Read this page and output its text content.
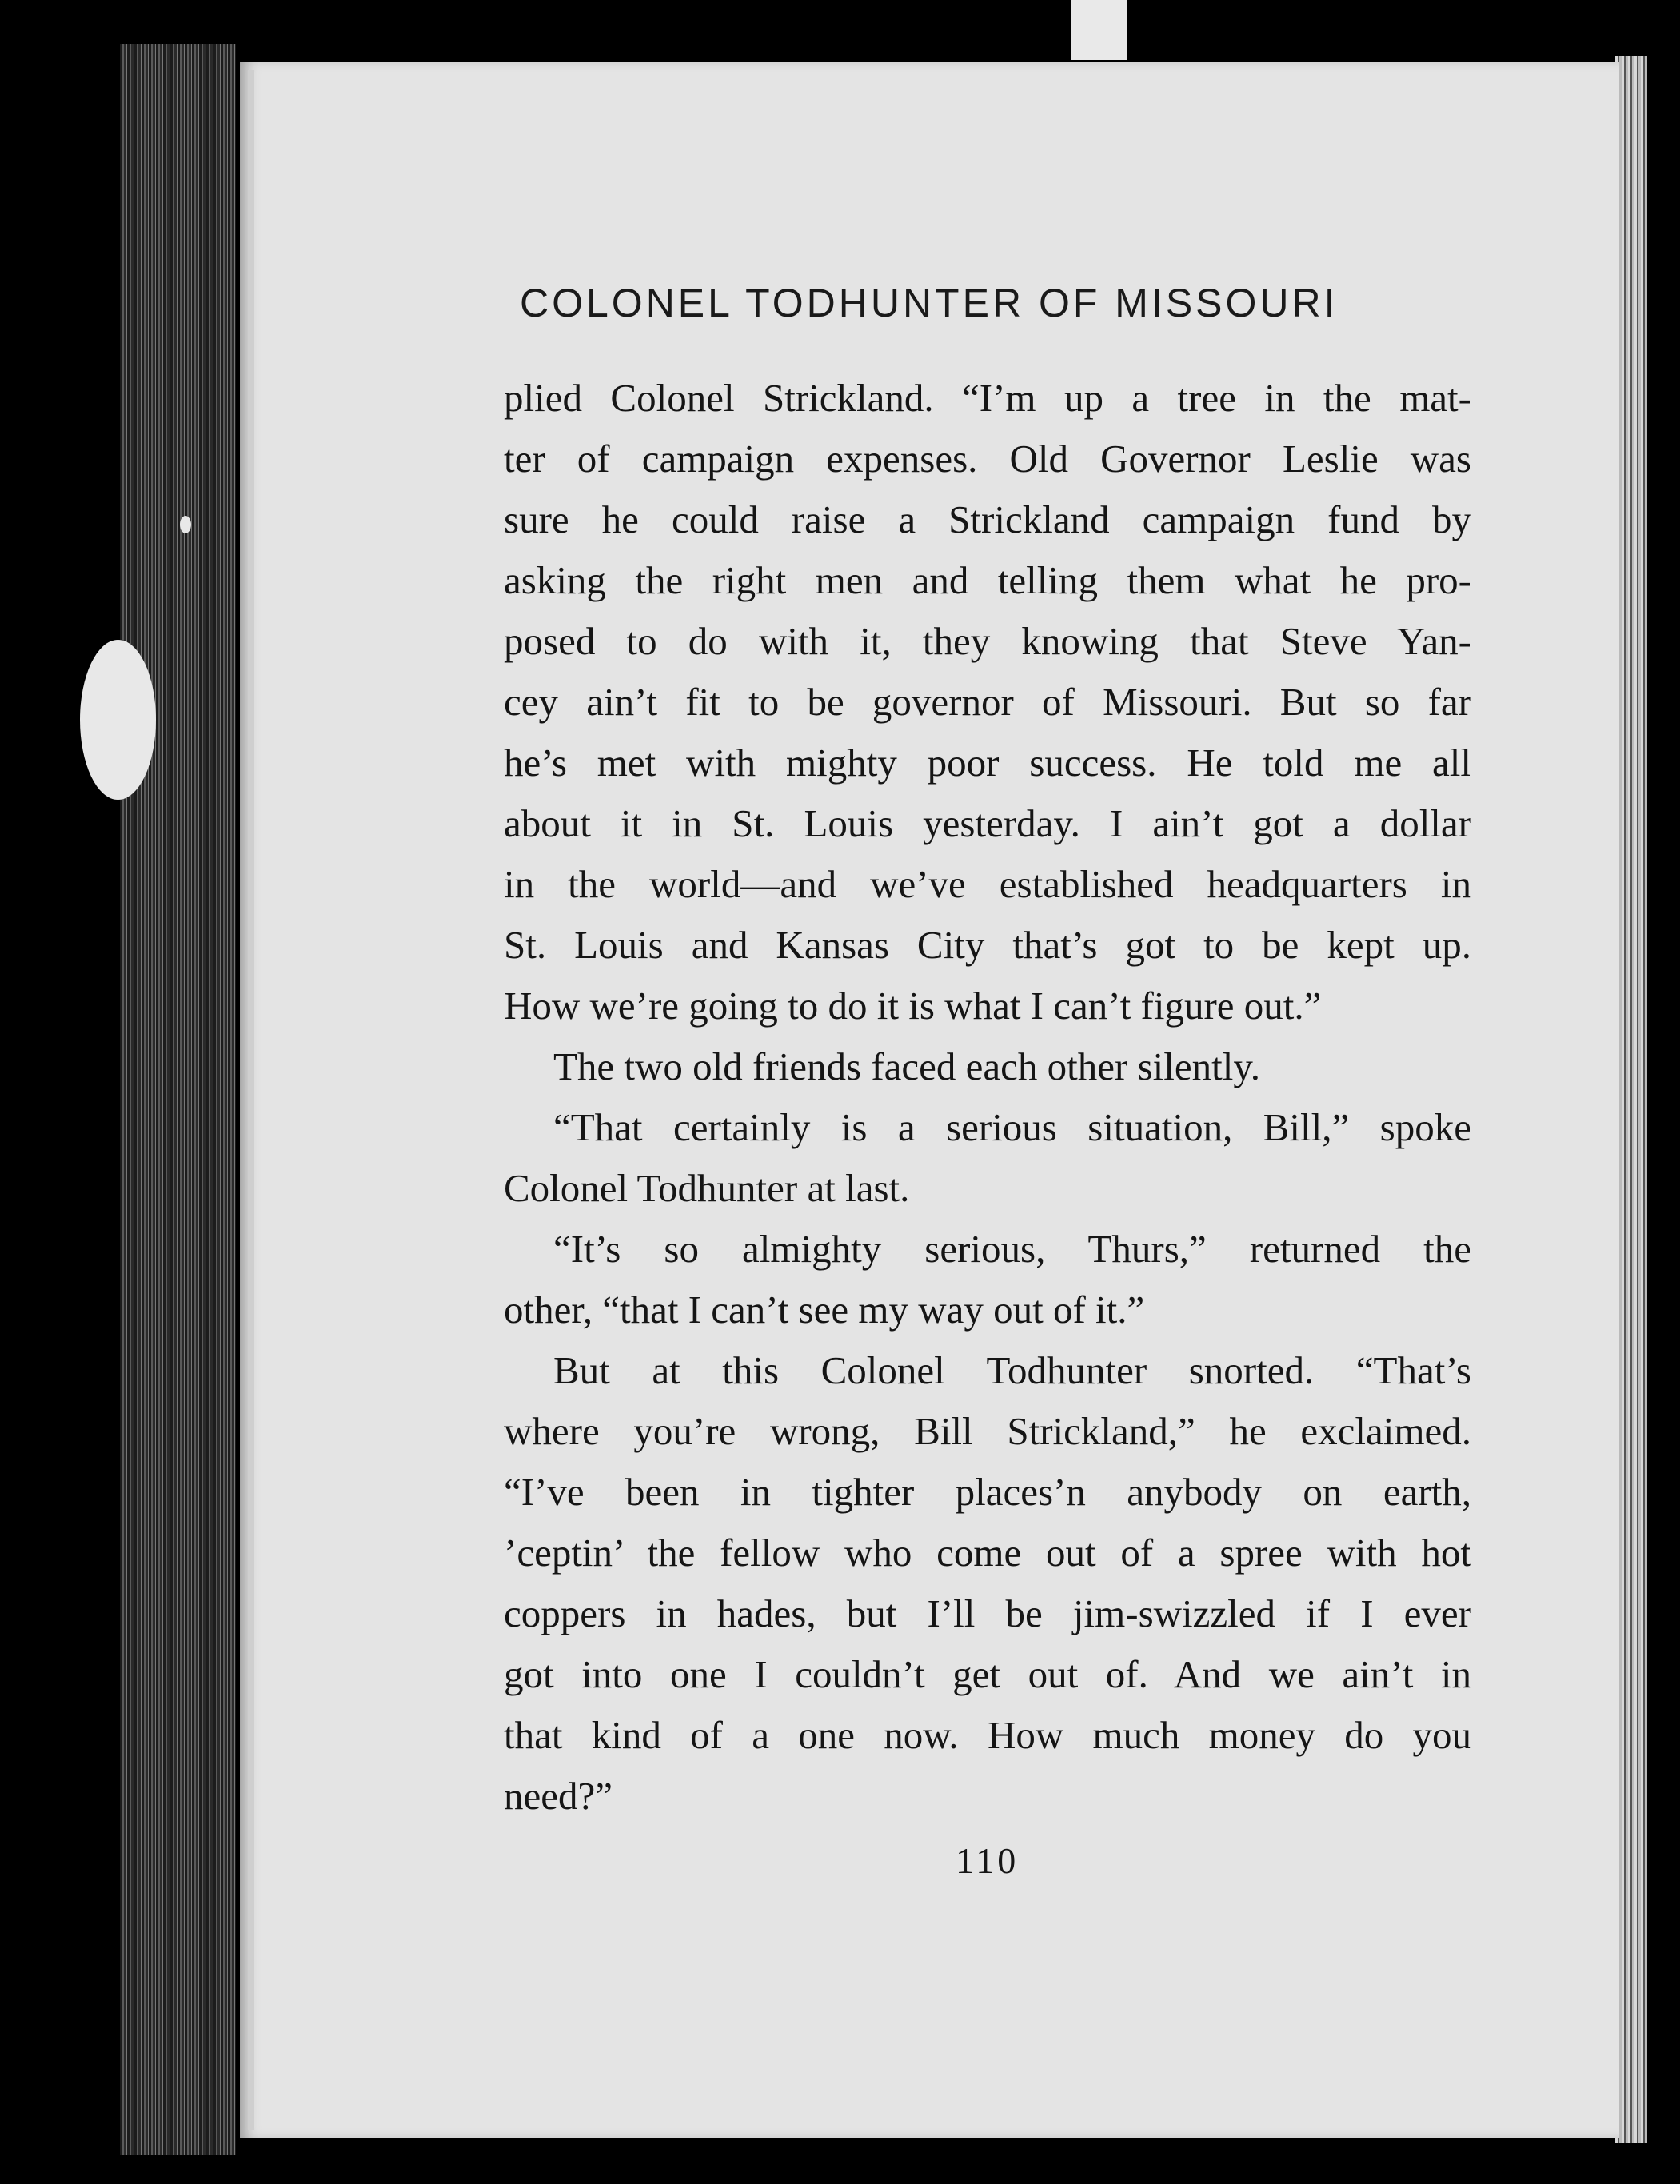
COLONEL TODHUNTER OF MISSOURI
plied Colonel Strickland. “I’m up a tree in the mat-
ter of campaign expenses. Old Governor Leslie was
sure he could raise a Strickland campaign fund by
asking the right men and telling them what he pro-
posed to do with it, they knowing that Steve Yan-
cey ain’t fit to be governor of Missouri. But so far
he’s met with mighty poor success. He told me all
about it in St. Louis yesterday. I ain’t got a dollar
in the world—and we’ve established headquarters in
St. Louis and Kansas City that’s got to be kept up.
How we’re going to do it is what I can’t figure out.”
The two old friends faced each other silently.
“That certainly is a serious situation, Bill,” spoke
Colonel Todhunter at last.
“It’s so almighty serious, Thurs,” returned the
other, “that I can’t see my way out of it.”
But at this Colonel Todhunter snorted. “That’s
where you’re wrong, Bill Strickland,” he exclaimed.
“I’ve been in tighter places’n anybody on earth,
’ceptin’ the fellow who come out of a spree with hot
coppers in hades, but I’ll be jim-swizzled if I ever
got into one I couldn’t get out of. And we ain’t in
that kind of a one now. How much money do you
need?”
110
